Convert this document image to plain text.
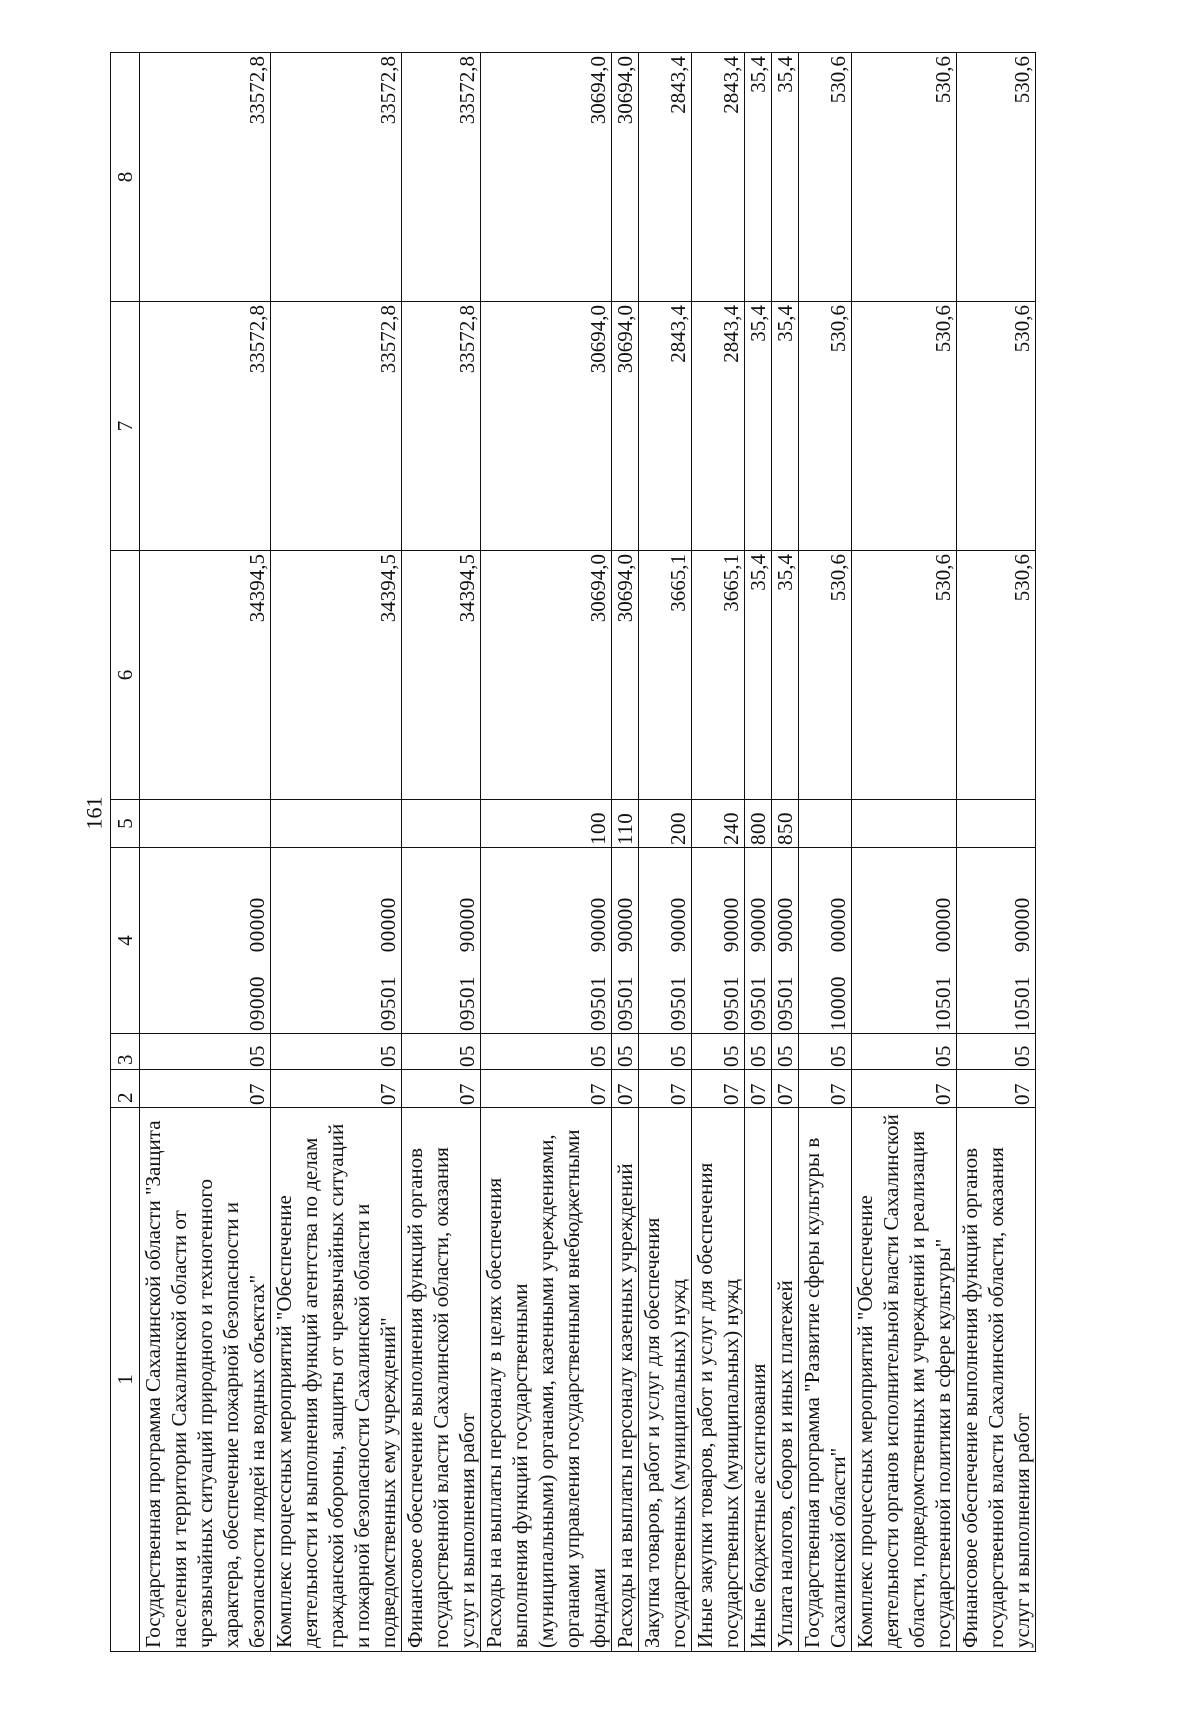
161
1	2	3	4	5	6	7	8
Государственная программа Сахалинской области "Защита населения и территории Сахалинской области от чрезвычайных ситуаций природного и техногенного характера, обеспечение пожарной безопасности и безопасности людей на водных объектах"	07	05	09000 00000		34394,5	33572,8	33572,8
Комплекс процессных мероприятий "Обеспечение деятельности и выполнения функций агентства по делам гражданской обороны, защиты от чрезвычайных ситуаций и пожарной безопасности Сахалинской области и подведомственных ему учреждений"	07	05	09501 00000		34394,5	33572,8	33572,8
Финансовое обеспечение выполнения функций органов государственной власти Сахалинской области, оказания услуг и выполнения работ	07	05	09501 90000		34394,5	33572,8	33572,8
Расходы на выплаты персоналу в целях обеспечения выполнения функций государственными (муниципальными) органами, казенными учреждениями, органами управления государственными внебюджетными фондами	07	05	09501 90000	100	30694,0	30694,0	30694,0
Расходы на выплаты персоналу казенных учреждений	07	05	09501 90000	110	30694,0	30694,0	30694,0
Закупка товаров, работ и услуг для обеспечения государственных (муниципальных) нужд	07	05	09501 90000	200	3665,1	2843,4	2843,4
Иные закупки товаров, работ и услуг для обеспечения государственных (муниципальных) нужд	07	05	09501 90000	240	3665,1	2843,4	2843,4
Иные бюджетные ассигнования	07	05	09501 90000	800	35,4	35,4	35,4
Уплата налогов, сборов и иных платежей	07	05	09501 90000	850	35,4	35,4	35,4
Государственная программа "Развитие сферы культуры в Сахалинской области"	07	05	10000 00000		530,6	530,6	530,6
Комплекс процессных мероприятий "Обеспечение деятельности органов исполнительной власти Сахалинской области, подведомственных им учреждений и реализация государственной политики в сфере культуры"	07	05	10501 00000		530,6	530,6	530,6
Финансовое обеспечение выполнения функций органов государственной власти Сахалинской области, оказания услуг и выполнения работ	07	05	10501 90000		530,6	530,6	530,6
